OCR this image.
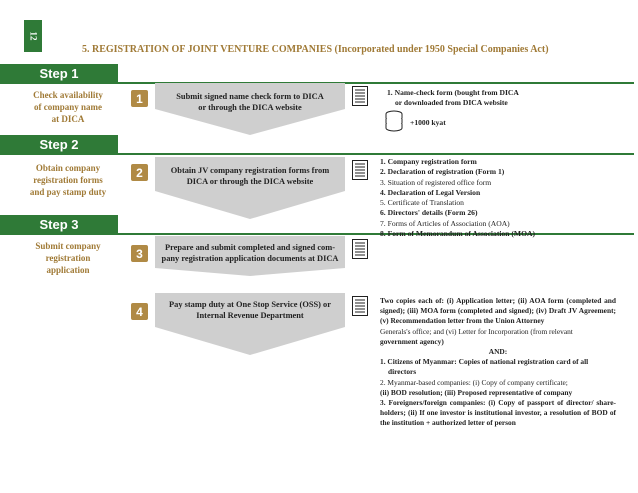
12
5. REGISTRATION OF JOINT VENTURE COMPANIES (Incorporated under 1950 Special Companies Act)
Step 1
Step 2
Step 3
Check availability
of company name
at DICA
Obtain company
registration forms
and pay stamp duty
Submit company
registration
application
1
2
3
4
Submit signed name check form to DICA
or through the DICA website
Obtain JV company registration forms from
DICA or through the DICA website
Prepare and submit completed and signed com-
pany registration application documents at DICA
Pay stamp duty at One Stop Service (OSS) or
Internal Revenue Department
1. Name-check form (bought from DICA
or downloaded from DICA website
+1000 kyat
1. Company registration form
2. Declaration of registration (Form 1)
3. Situation of registered office form
4. Declaration of Legal Version
5. Certificate of Translation
6. Directors' details (Form 26)
7. Forms of Articles of Association (AOA)
8. Form of Memorandum of Association (MOA)
Two copies each of: (i) Application letter; (ii) AOA form (completed and signed); (iii) MOA form (completed and signed); (iv) Draft JV Agreement; (v) Recommendation letter from the Union Attorney
Generals's office; and (vi) Letter for Incorporation (from relevant
government agency)
AND:
1. Citizens of Myanmar: Copies of national registration card of all
directors
2. Myanmar-based companies: (i) Copy of company certificate;
(ii) BOD resolution; (iii) Proposed representative of company
3. Foreigners/foreign companies: (i) Copy of passport of director/ share-holders; (ii) If one investor is institutional investor, a resolution of BOD of the institution + authorized letter of person
